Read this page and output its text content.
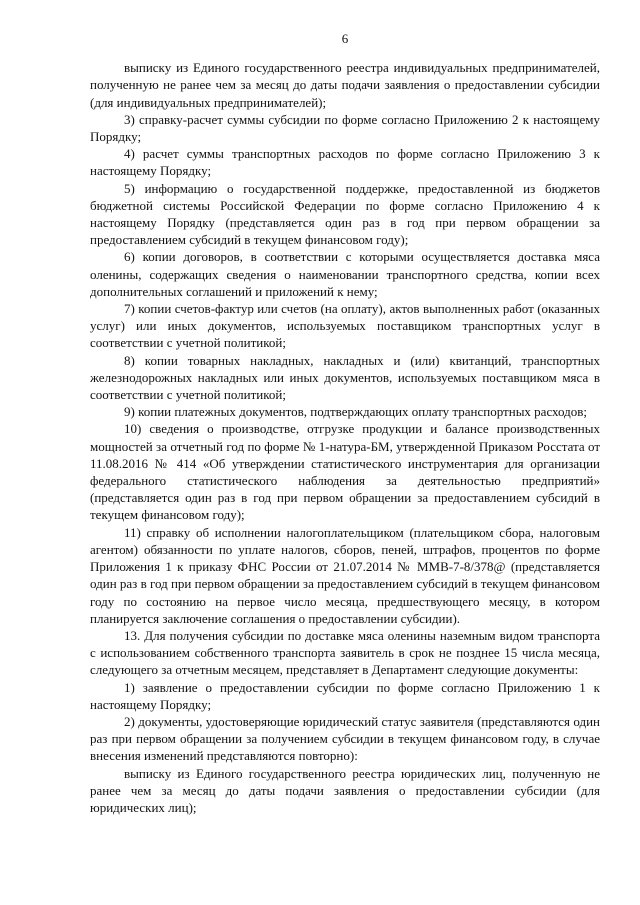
6

выписку из Единого государственного реестра индивидуальных предпринимателей, полученную не ранее чем за месяц до даты подачи заявления о предоставлении субсидии (для индивидуальных предпринимателей);

3) справку-расчет суммы субсидии по форме согласно Приложению 2 к настоящему Порядку;

4) расчет суммы транспортных расходов по форме согласно Приложению 3 к настоящему Порядку;

5) информацию о государственной поддержке, предоставленной из бюджетов бюджетной системы Российской Федерации по форме согласно Приложению 4 к настоящему Порядку (представляется один раз в год при первом обращении за предоставлением субсидий в текущем финансовом году);

6) копии договоров, в соответствии с которыми осуществляется доставка мяса оленины, содержащих сведения о наименовании транспортного средства, копии всех дополнительных соглашений и приложений к нему;

7) копии счетов-фактур или счетов (на оплату), актов выполненных работ (оказанных услуг) или иных документов, используемых поставщиком транспортных услуг в соответствии с учетной политикой;

8) копии товарных накладных, накладных и (или) квитанций, транспортных железнодорожных накладных или иных документов, используемых поставщиком мяса в соответствии с учетной политикой;

9) копии платежных документов, подтверждающих оплату транспортных расходов;

10) сведения о производстве, отгрузке продукции и балансе производственных мощностей за отчетный год по форме № 1-натура-БМ, утвержденной Приказом Росстата от 11.08.2016 № 414 «Об утверждении статистического инструментария для организации федерального статистического наблюдения за деятельностью предприятий» (представляется один раз в год при первом обращении за предоставлением субсидий в текущем финансовом году);

11) справку об исполнении налогоплательщиком (плательщиком сбора, налоговым агентом) обязанности по уплате налогов, сборов, пеней, штрафов, процентов по форме Приложения 1 к приказу ФНС России от 21.07.2014 № ММВ-7-8/378@ (представляется один раз в год при первом обращении за предоставлением субсидий в текущем финансовом году по состоянию на первое число месяца, предшествующего месяцу, в котором планируется заключение соглашения о предоставлении субсидии).

13. Для получения субсидии по доставке мяса оленины наземным видом транспорта с использованием собственного транспорта заявитель в срок не позднее 15 числа месяца, следующего за отчетным месяцем, представляет в Департамент следующие документы:

1) заявление о предоставлении субсидии по форме согласно Приложению 1 к настоящему Порядку;

2) документы, удостоверяющие юридический статус заявителя (представляются один раз при первом обращении за получением субсидии в текущем финансовом году, в случае внесения изменений представляются повторно):

выписку из Единого государственного реестра юридических лиц, полученную не ранее чем за месяц до даты подачи заявления о предоставлении субсидии (для юридических лиц);
